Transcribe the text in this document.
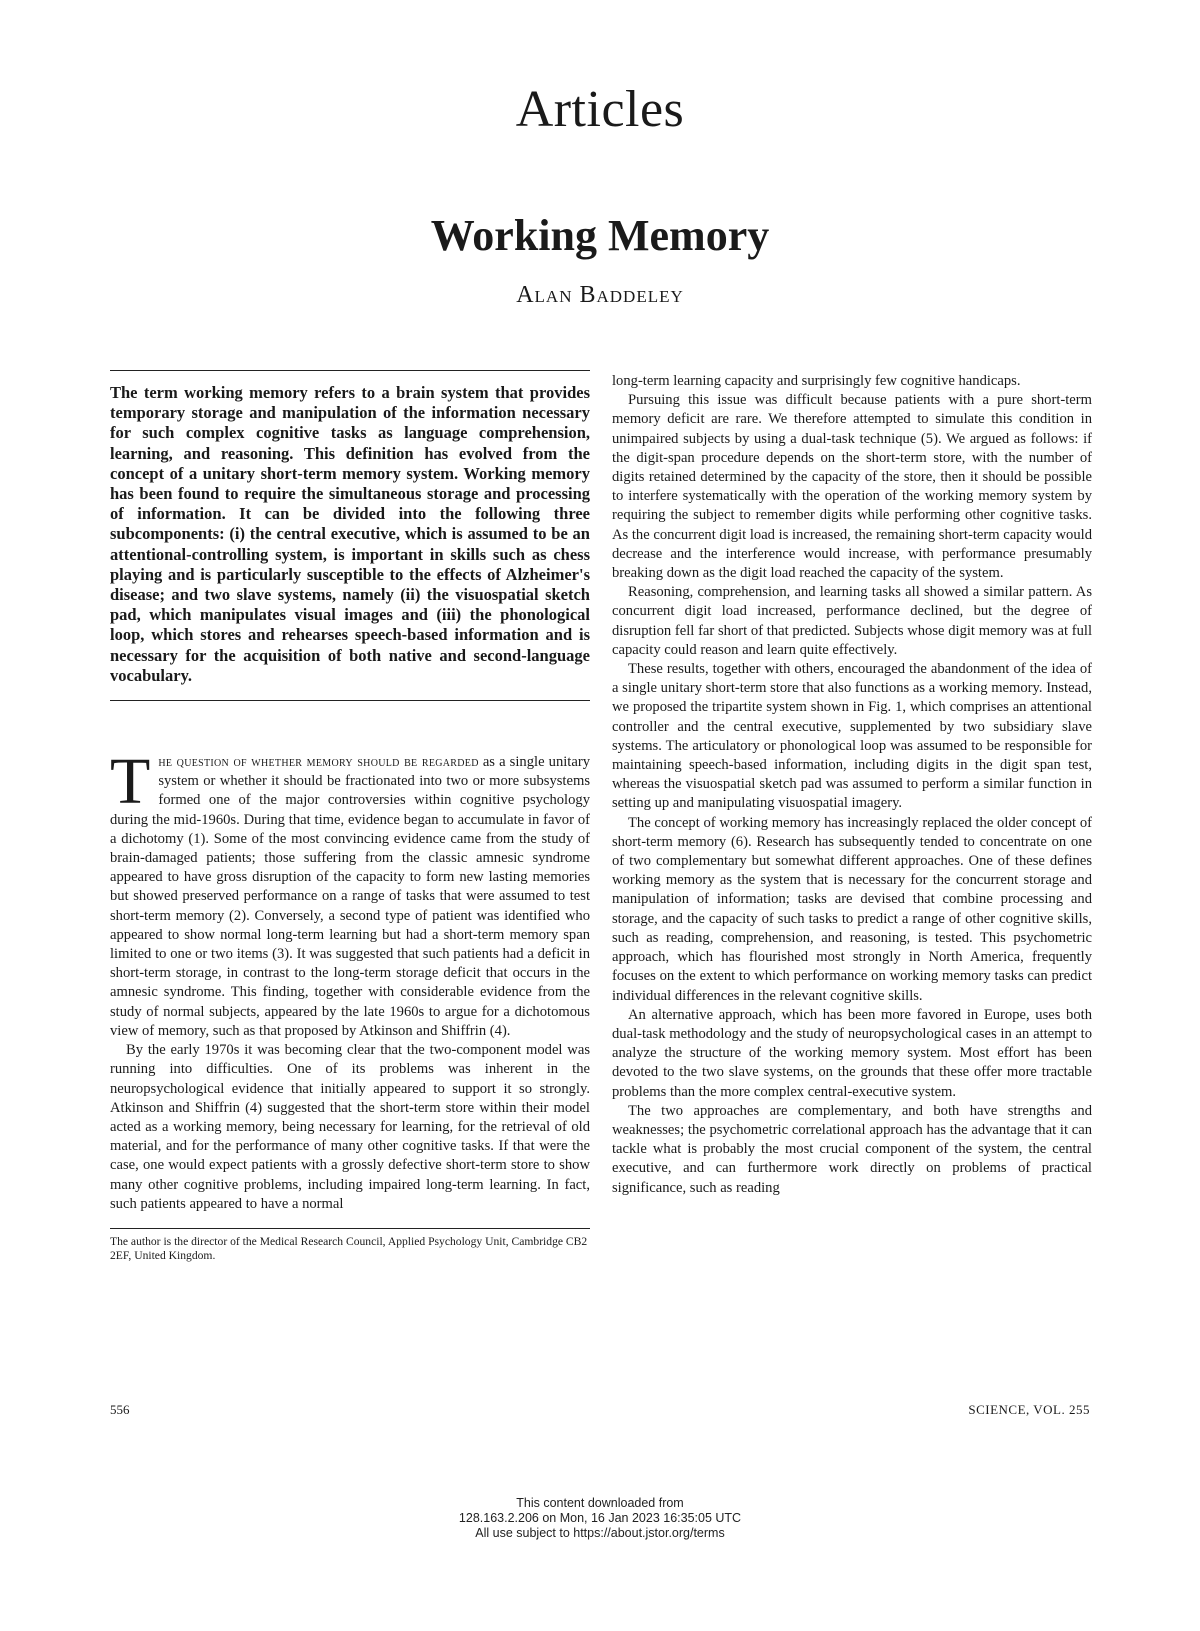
Articles
Working Memory

Alan Baddeley

The term working memory refers to a brain system that provides temporary storage and manipulation of the information necessary for such complex cognitive tasks as language comprehension, learning, and reasoning. This definition has evolved from the concept of a unitary short-term memory system. Working memory has been found to require the simultaneous storage and processing of information. It can be divided into the following three subcomponents: (i) the central executive, which is assumed to be an attentional-controlling system, is important in skills such as chess playing and is particularly susceptible to the effects of Alzheimer's disease; and two slave systems, namely (ii) the visuospatial sketch pad, which manipulates visual images and (iii) the phonological loop, which stores and rehearses speech-based information and is necessary for the acquisition of both native and second-language vocabulary.

The question of whether memory should be regarded as a single unitary system or whether it should be fractionated into two or more subsystems formed one of the major controversies within cognitive psychology during the mid-1960s. During that time, evidence began to accumulate in favor of a dichotomy (1). Some of the most convincing evidence came from the study of brain-damaged patients; those suffering from the classic amnesic syndrome appeared to have gross disruption of the capacity to form new lasting memories but showed preserved performance on a range of tasks that were assumed to test short-term memory (2). Conversely, a second type of patient was identified who appeared to show normal long-term learning but had a short-term memory span limited to one or two items (3). It was suggested that such patients had a deficit in short-term storage, in contrast to the long-term storage deficit that occurs in the amnesic syndrome. This finding, together with considerable evidence from the study of normal subjects, appeared by the late 1960s to argue for a dichotomous view of memory, such as that proposed by Atkinson and Shiffrin (4).

By the early 1970s it was becoming clear that the two-component model was running into difficulties. One of its problems was inherent in the neuropsychological evidence that initially appeared to support it so strongly. Atkinson and Shiffrin (4) suggested that the short-term store within their model acted as a working memory, being necessary for learning, for the retrieval of old material, and for the performance of many other cognitive tasks. If that were the case, one would expect patients with a grossly defective short-term store to show many other cognitive problems, including impaired long-term learning. In fact, such patients appeared to have a normal

The author is the director of the Medical Research Council, Applied Psychology Unit, Cambridge CB2 2EF, United Kingdom.

long-term learning capacity and surprisingly few cognitive handicaps.

Pursuing this issue was difficult because patients with a pure short-term memory deficit are rare. We therefore attempted to simulate this condition in unimpaired subjects by using a dual-task technique (5). We argued as follows: if the digit-span procedure depends on the short-term store, with the number of digits retained determined by the capacity of the store, then it should be possible to interfere systematically with the operation of the working memory system by requiring the subject to remember digits while performing other cognitive tasks. As the concurrent digit load is increased, the remaining short-term capacity would decrease and the interference would increase, with performance presumably breaking down as the digit load reached the capacity of the system.

Reasoning, comprehension, and learning tasks all showed a similar pattern. As concurrent digit load increased, performance declined, but the degree of disruption fell far short of that predicted. Subjects whose digit memory was at full capacity could reason and learn quite effectively.

These results, together with others, encouraged the abandonment of the idea of a single unitary short-term store that also functions as a working memory. Instead, we proposed the tripartite system shown in Fig. 1, which comprises an attentional controller and the central executive, supplemented by two subsidiary slave systems. The articulatory or phonological loop was assumed to be responsible for maintaining speech-based information, including digits in the digit span test, whereas the visuospatial sketch pad was assumed to perform a similar function in setting up and manipulating visuospatial imagery.

The concept of working memory has increasingly replaced the older concept of short-term memory (6). Research has subsequently tended to concentrate on one of two complementary but somewhat different approaches. One of these defines working memory as the system that is necessary for the concurrent storage and manipulation of information; tasks are devised that combine processing and storage, and the capacity of such tasks to predict a range of other cognitive skills, such as reading, comprehension, and reasoning, is tested. This psychometric approach, which has flourished most strongly in North America, frequently focuses on the extent to which performance on working memory tasks can predict individual differences in the relevant cognitive skills.

An alternative approach, which has been more favored in Europe, uses both dual-task methodology and the study of neuropsychological cases in an attempt to analyze the structure of the working memory system. Most effort has been devoted to the two slave systems, on the grounds that these offer more tractable problems than the more complex central-executive system.

The two approaches are complementary, and both have strengths and weaknesses; the psychometric correlational approach has the advantage that it can tackle what is probably the most crucial component of the system, the central executive, and can furthermore work directly on problems of practical significance, such as reading

556	SCIENCE, VOL. 255

This content downloaded from

128.163.2.206 on Mon, 16 Jan 2023 16:35:05 UTC

All use subject to https://about.jstor.org/terms
